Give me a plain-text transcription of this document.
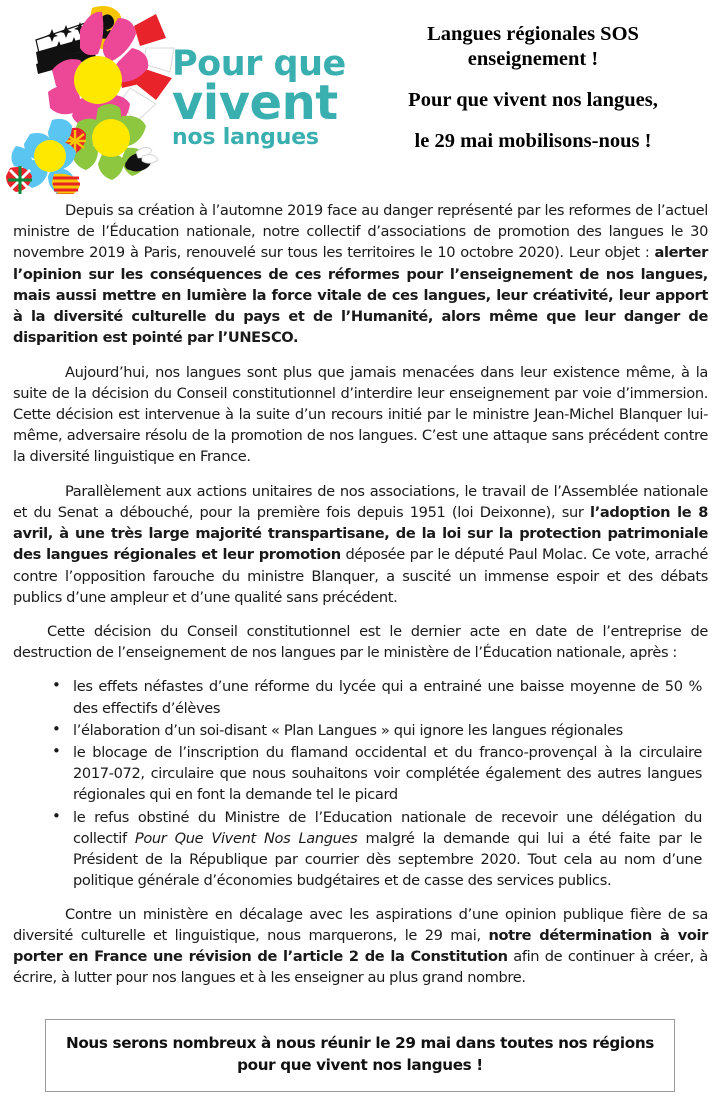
Pour que
vivent
nos langues
Langues régionales SOS
enseignement !
Pour que vivent nos langues,
le 29 mai mobilisons-nous !

Depuis sa création à l’automne 2019 face au danger représenté par les reformes de l’actuel ministre de l’Éducation nationale, notre collectif d’associations de promotion des langues le 30 novembre 2019 à Paris, renouvelé sur tous les territoires le 10 octobre 2020). Leur objet : alerter l’opinion sur les conséquences de ces réformes pour l’enseignement de nos langues, mais aussi mettre en lumière la force vitale de ces langues, leur créativité, leur apport à la diversité culturelle du pays et de l’Humanité, alors même que leur danger de disparition est pointé par l’UNESCO.

Aujourd’hui, nos langues sont plus que jamais menacées dans leur existence même, à la suite de la décision du Conseil constitutionnel d’interdire leur enseignement par voie d’immersion. Cette décision est intervenue à la suite d’un recours initié par le ministre Jean-Michel Blanquer lui-même, adversaire résolu de la promotion de nos langues. C’est une attaque sans précédent contre la diversité linguistique en France.

Parallèlement aux actions unitaires de nos associations, le travail de l’Assemblée nationale et du Senat a débouché, pour la première fois depuis 1951 (loi Deixonne), sur l’adoption le 8 avril, à une très large majorité transpartisane, de la loi sur la protection patrimoniale des langues régionales et leur promotion déposée par le député Paul Molac. Ce vote, arraché contre l’opposition farouche du ministre Blanquer, a suscité un immense espoir et des débats publics d’une ampleur et d’une qualité sans précédent.

Cette décision du Conseil constitutionnel est le dernier acte en date de l’entreprise de destruction de l’enseignement de nos langues par le ministère de l’Éducation nationale, après :

• les effets néfastes d’une réforme du lycée qui a entrainé une baisse moyenne de 50 % des effectifs d’élèves
• l’élaboration d’un soi-disant « Plan Langues » qui ignore les langues régionales
• le blocage de l’inscription du flamand occidental et du franco-provençal à la circulaire 2017-072, circulaire que nous souhaitons voir complétée également des autres langues régionales qui en font la demande tel le picard
• le refus obstiné du Ministre de l’Education nationale de recevoir une délégation du collectif Pour Que Vivent Nos Langues malgré la demande qui lui a été faite par le Président de la République par courrier dès septembre 2020. Tout cela au nom d’une politique générale d’économies budgétaires et de casse des services publics.

Contre un ministère en décalage avec les aspirations d’une opinion publique fière de sa diversité culturelle et linguistique, nous marquerons, le 29 mai, notre détermination à voir porter en France une révision de l’article 2 de la Constitution afin de continuer à créer, à écrire, à lutter pour nos langues et à les enseigner au plus grand nombre.

Nous serons nombreux à nous réunir le 29 mai dans toutes nos régions
pour que vivent nos langues !
